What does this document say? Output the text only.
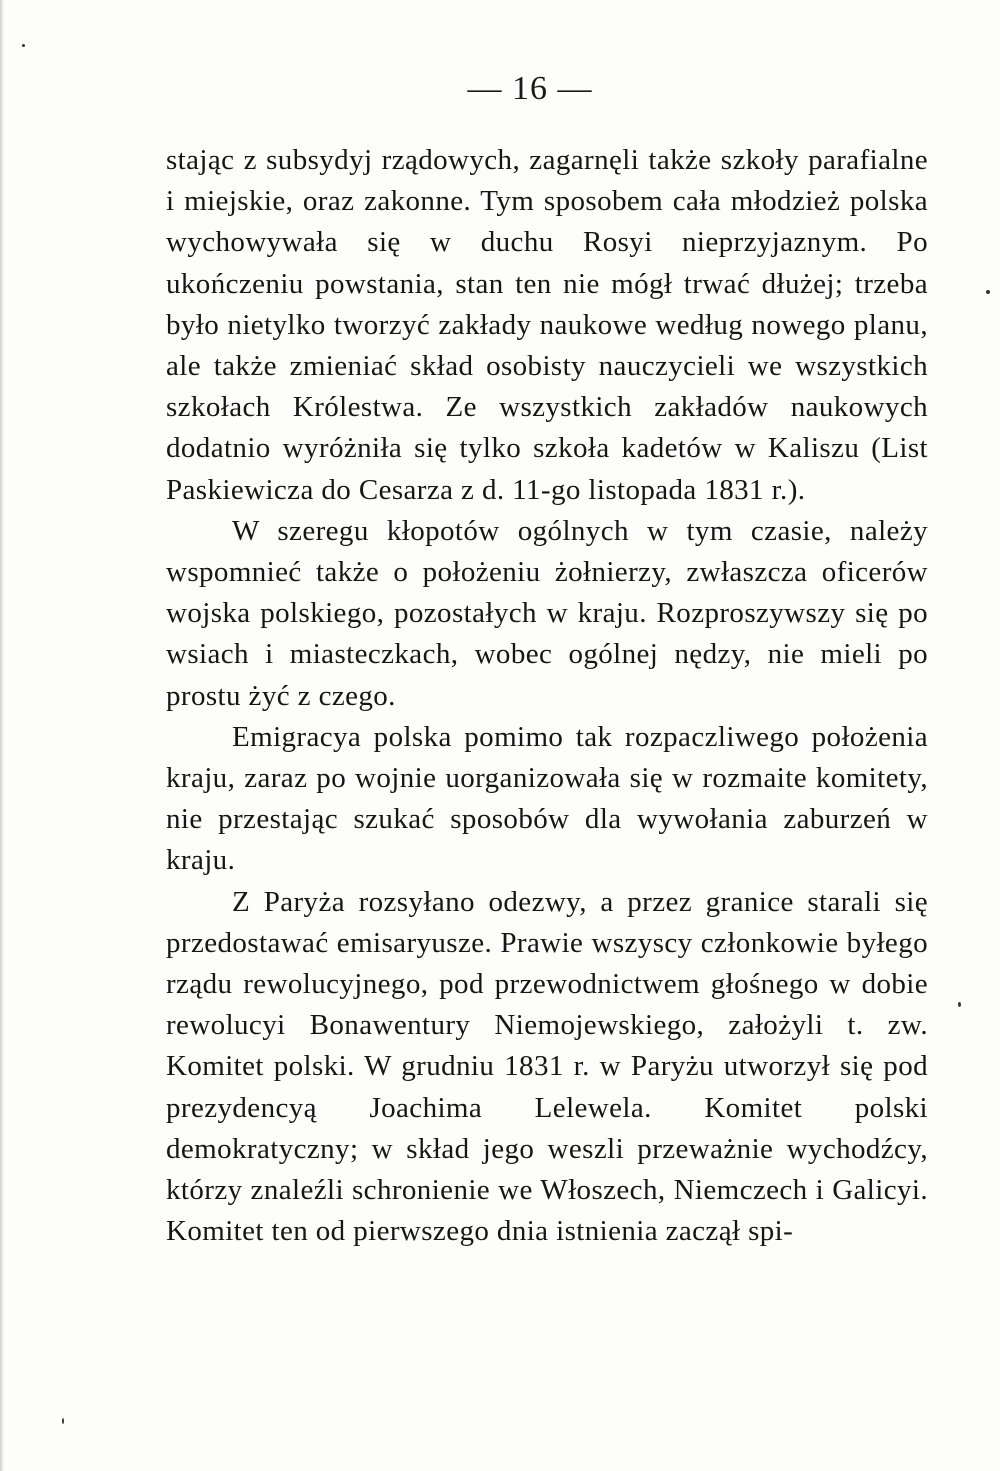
— 16 —

stając z subsydyj rządowych, zagarnęli także szkoły parafialne i miejskie, oraz zakonne. Tym sposobem cała młodzież polska wychowywała się w duchu Rosyi nieprzyjaznym. Po ukończeniu powstania, stan ten nie mógł trwać dłużej; trzeba było nietylko tworzyć zakłady naukowe według nowego planu, ale także zmieniać skład osobisty nauczycieli we wszystkich szkołach Królestwa. Ze wszystkich zakładów naukowych dodatnio wyróżniła się tylko szkoła kadetów w Kaliszu (List Paskiewicza do Cesarza z d. 11-go listopada 1831 r.).

W szeregu kłopotów ogólnych w tym czasie, należy wspomnieć także o położeniu żołnierzy, zwłaszcza oficerów wojska polskiego, pozostałych w kraju. Rozproszywszy się po wsiach i miasteczkach, wobec ogólnej nędzy, nie mieli po prostu żyć z czego.

Emigracya polska pomimo tak rozpaczliwego położenia kraju, zaraz po wojnie uorganizowała się w rozmaite komitety, nie przestając szukać sposobów dla wywołania zaburzeń w kraju.

Z Paryża rozsyłano odezwy, a przez granice starali się przedostawać emisaryusze. Prawie wszyscy członkowie byłego rządu rewolucyjnego, pod przewodnictwem głośnego w dobie rewolucyi Bonawentury Niemojewskiego, założyli t. zw. Komitet polski. W grudniu 1831 r. w Paryżu utworzył się pod prezydencyą Joachima Lelewela. Komitet polski demokratyczny; w skład jego weszli przeważnie wychodźcy, którzy znaleźli schronienie we Włoszech, Niemczech i Galicyi. Komitet ten od pierwszego dnia istnienia zaczął spi-
